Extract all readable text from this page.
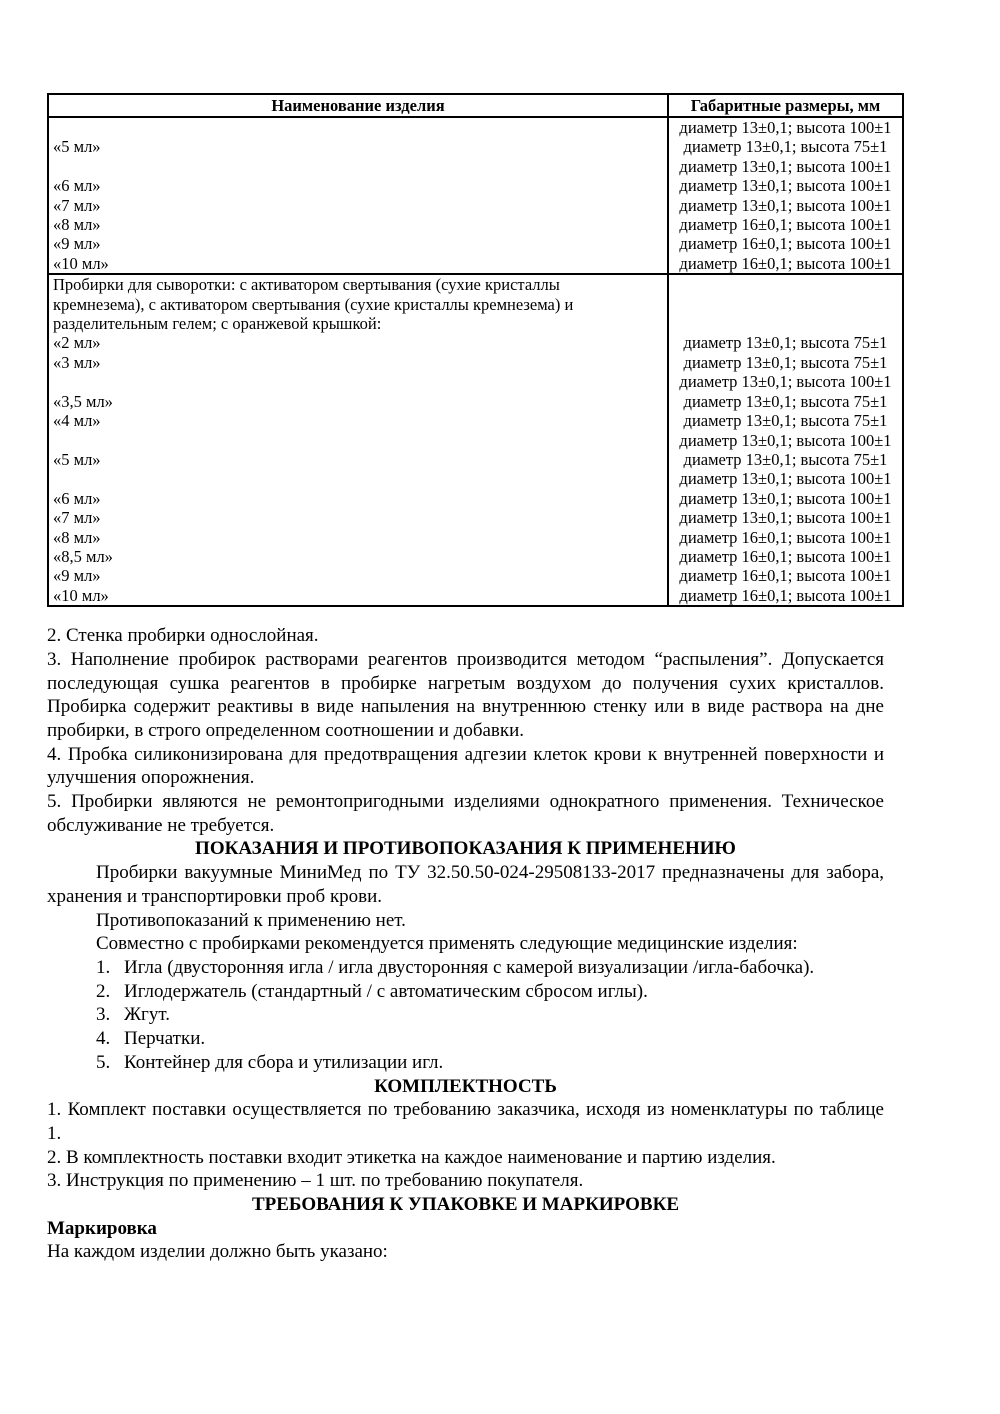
Наименование изделия	Габаритные размеры, мм
	диаметр 13±0,1; высота 100±1
«5 мл»	диаметр 13±0,1; высота 75±1
	диаметр 13±0,1; высота 100±1
«6 мл»	диаметр 13±0,1; высота 100±1
«7 мл»	диаметр 13±0,1; высота 100±1
«8 мл»	диаметр 16±0,1; высота 100±1
«9 мл»	диаметр 16±0,1; высота 100±1
«10 мл»	диаметр 16±0,1; высота 100±1
Пробирки для сыворотки: с активатором свертывания (сухие кристаллы	
кремнезема), с активатором свертывания (сухие кристаллы кремнезема) и	
разделительным гелем; с оранжевой крышкой:	
«2 мл»	диаметр 13±0,1; высота 75±1
«3 мл»	диаметр 13±0,1; высота 75±1
	диаметр 13±0,1; высота 100±1
«3,5 мл»	диаметр 13±0,1; высота 75±1
«4 мл»	диаметр 13±0,1; высота 75±1
	диаметр 13±0,1; высота 100±1
«5 мл»	диаметр 13±0,1; высота 75±1
	диаметр 13±0,1; высота 100±1
«6 мл»	диаметр 13±0,1; высота 100±1
«7 мл»	диаметр 13±0,1; высота 100±1
«8 мл»	диаметр 16±0,1; высота 100±1
«8,5 мл»	диаметр 16±0,1; высота 100±1
«9 мл»	диаметр 16±0,1; высота 100±1
«10 мл»	диаметр 16±0,1; высота 100±1

2. Стенка пробирки однослойная.

3. Наполнение пробирок растворами реагентов производится методом “распыления”. Допускается последующая сушка реагентов в пробирке нагретым воздухом до получения сухих кристаллов. Пробирка содержит реактивы в виде напыления на внутреннюю стенку или в виде раствора на дне пробирки, в строго определенном соотношении и добавки.

4. Пробка силиконизирована для предотвращения адгезии клеток крови к внутренней поверхности и улучшения опорожнения.

5. Пробирки являются не ремонтопригодными изделиями однократного применения. Техническое обслуживание не требуется.

ПОКАЗАНИЯ И ПРОТИВОПОКАЗАНИЯ К ПРИМЕНЕНИЮ

Пробирки вакуумные МиниМед по ТУ 32.50.50-024-29508133-2017 предназначены для забора, хранения и транспортировки проб крови.

Противопоказаний к применению нет.

Совместно с пробирками рекомендуется применять следующие медицинские изделия:

1. Игла (двусторонняя игла / игла двусторонняя с камерой визуализации /игла-бабочка).
2. Иглодержатель (стандартный / с автоматическим сбросом иглы).
3. Жгут.
4. Перчатки.
5. Контейнер для сбора и утилизации игл.

КОМПЛЕКТНОСТЬ

1. Комплект поставки осуществляется по требованию заказчика, исходя из номенклатуры по таблице 1.

2. В комплектность поставки входит этикетка на каждое наименование и партию изделия.

3. Инструкция по применению – 1 шт. по требованию покупателя.

ТРЕБОВАНИЯ К УПАКОВКЕ И МАРКИРОВКЕ

Маркировка

На каждом изделии должно быть указано:
